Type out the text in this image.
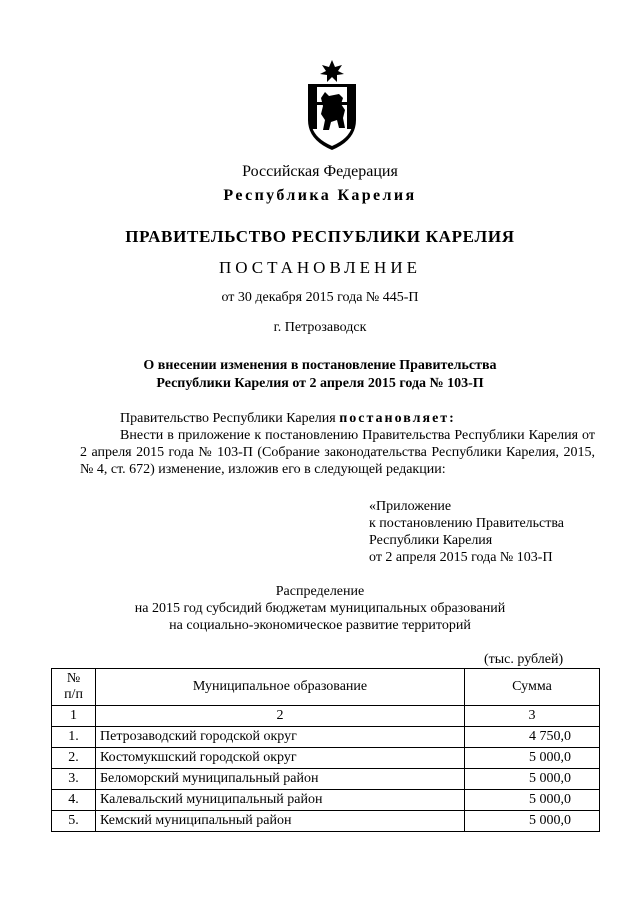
Российская Федерация
Республика Карелия
ПРАВИТЕЛЬСТВО РЕСПУБЛИКИ КАРЕЛИЯ
ПОСТАНОВЛЕНИЕ
от 30 декабря 2015 года № 445-П
г. Петрозаводск
О внесении изменения в постановление Правительства
Республики Карелия от 2 апреля 2015 года № 103-П
Правительство Республики Карелия постановляет:
Внести в приложение к постановлению Правительства Республики Карелия от 2 апреля 2015 года № 103-П (Собрание законодательства Республики Карелия, 2015, № 4, ст. 672) изменение, изложив его в следующей редакции:
«Приложение
к постановлению Правительства
Республики Карелия
от 2 апреля 2015 года № 103-П
Распределение
на 2015 год субсидий бюджетам муниципальных образований
на социально-экономическое развитие территорий
(тыс. рублей)
№
п/п	Муниципальное образование	Сумма
1	2	3
1.	Петрозаводский городской округ	4 750,0
2.	Костомукшский городской округ	5 000,0
3.	Беломорский муниципальный район	5 000,0
4.	Калевальский муниципальный район	5 000,0
5.	Кемский муниципальный район	5 000,0
